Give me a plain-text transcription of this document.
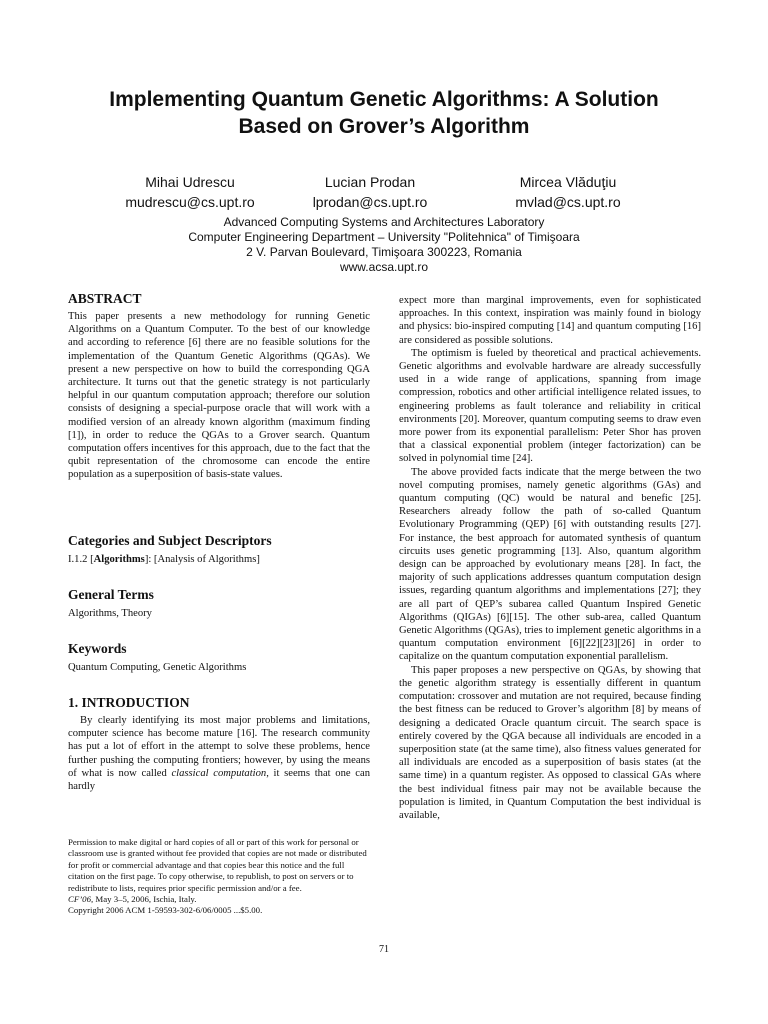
Implementing Quantum Genetic Algorithms: A Solution
Based on Grover’s Algorithm
Mihai Udrescu
mudrescu@cs.upt.ro
Lucian Prodan
lprodan@cs.upt.ro
Mircea Vlăduţiu
mvlad@cs.upt.ro
Advanced Computing Systems and Architectures Laboratory
Computer Engineering Department – University "Politehnica" of Timişoara
2 V. Parvan Boulevard, Timişoara 300223, Romania
www.acsa.upt.ro
ABSTRACT

This paper presents a new methodology for running Genetic Algorithms on a Quantum Computer. To the best of our knowledge and according to reference [6] there are no feasible solutions for the implementation of the Quantum Genetic Algorithms (QGAs). We present a new perspective on how to build the corresponding QGA architecture. It turns out that the genetic strategy is not particularly helpful in our quantum computation approach; therefore our solution consists of designing a special-purpose oracle that will work with a modified version of an already known algorithm (maximum finding [1]), in order to reduce the QGAs to a Grover search. Quantum computation offers incentives for this approach, due to the fact that the qubit representation of the chromosome can encode the entire population as a superposition of basis-state values.

Categories and Subject Descriptors

I.1.2 [Algorithms]: [Analysis of Algorithms]

General Terms

Algorithms, Theory

Keywords

Quantum Computing, Genetic Algorithms

1. INTRODUCTION

By clearly identifying its most major problems and limitations, computer science has become mature [16]. The research community has put a lot of effort in the attempt to solve these problems, hence further pushing the computing frontiers; however, by using the means of what is now called classical computation, it seems that one can hardly

expect more than marginal improvements, even for sophisticated approaches. In this context, inspiration was mainly found in biology and physics: bio-inspired computing [14] and quantum computing [16] are considered as possible solutions.

The optimism is fueled by theoretical and practical achievements. Genetic algorithms and evolvable hardware are already successfully used in a wide range of applications, spanning from image compression, robotics and other artificial intelligence related issues, to engineering problems as fault tolerance and reliability in critical environments [20]. Moreover, quantum computing seems to draw even more power from its exponential parallelism: Peter Shor has proven that a classical exponential problem (integer factorization) can be solved in polynomial time [24].

The above provided facts indicate that the merge between the two novel computing promises, namely genetic algorithms (GAs) and quantum computing (QC) would be natural and benefic [25]. Researchers already follow the path of so-called Quantum Evolutionary Programming (QEP) [6] with outstanding results [27]. For instance, the best approach for automated synthesis of quantum circuits uses genetic programming [13]. Also, quantum algorithm design can be approached by evolutionary means [28]. In fact, the majority of such applications addresses quantum computation design issues, regarding quantum algorithms and implementations [27]; they are all part of QEP’s subarea called Quantum Inspired Genetic Algorithms (QIGAs) [6][15]. The other sub-area, called Quantum Genetic Algorithms (QGAs), tries to implement genetic algorithms in a quantum computation environment [6][22][23][26] in order to capitalize on the quantum computation exponential parallelism.

This paper proposes a new perspective on QGAs, by showing that the genetic algorithm strategy is essentially different in quantum computation: crossover and mutation are not required, because finding the best fitness can be reduced to Grover’s algorithm [8] by means of designing a dedicated Oracle quantum circuit. The search space is entirely covered by the QGA because all individuals are encoded in a superposition state (at the same time), also fitness values generated for all individuals are encoded as a superposition of basis states (at the same time) in a quantum register. As opposed to classical GAs where the best individual fitness pair may not be available because the population is limited, in Quantum Computation the best individual is available,

Permission to make digital or hard copies of all or part of this work for personal or classroom use is granted without fee provided that copies are not made or distributed for profit or commercial advantage and that copies bear this notice and the full citation on the first page. To copy otherwise, to republish, to post on servers or to redistribute to lists, requires prior specific permission and/or a fee.

CF’06, May 3–5, 2006, Ischia, Italy.

Copyright 2006 ACM 1-59593-302-6/06/0005 ...$5.00.

71
